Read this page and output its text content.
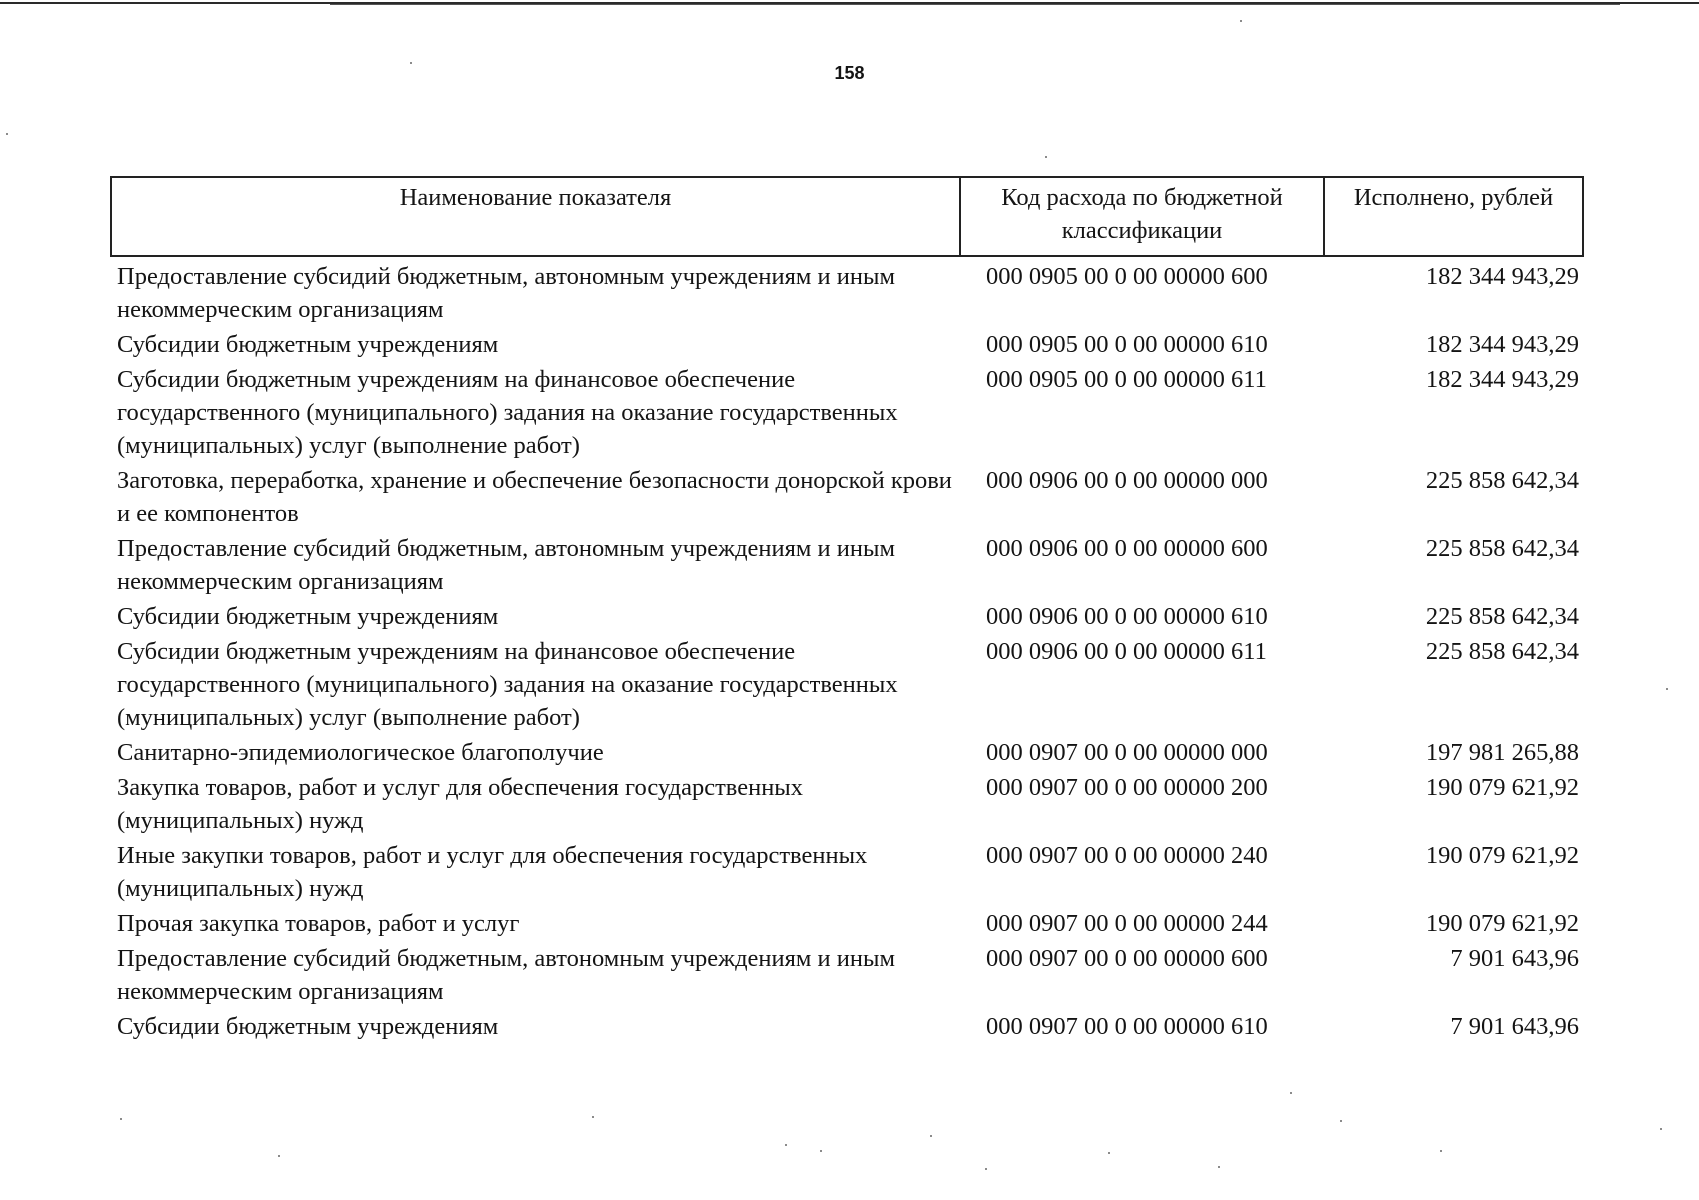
158
Наименование показателя	Код расхода по бюджетной классификации	Исполнено, рублей
Предоставление субсидий бюджетным, автономным учреждениям и иным некоммерческим организациям	000 0905 00 0 00 00000 600	182 344 943,29
Субсидии бюджетным учреждениям	000 0905 00 0 00 00000 610	182 344 943,29
Субсидии бюджетным учреждениям на финансовое обеспечение государственного (муниципального) задания на оказание государственных (муниципальных) услуг (выполнение работ)	000 0905 00 0 00 00000 611	182 344 943,29
Заготовка, переработка, хранение и обеспечение безопасности донорской крови и ее компонентов	000 0906 00 0 00 00000 000	225 858 642,34
Предоставление субсидий бюджетным, автономным учреждениям и иным некоммерческим организациям	000 0906 00 0 00 00000 600	225 858 642,34
Субсидии бюджетным учреждениям	000 0906 00 0 00 00000 610	225 858 642,34
Субсидии бюджетным учреждениям на финансовое обеспечение государственного (муниципального) задания на оказание государственных (муниципальных) услуг (выполнение работ)	000 0906 00 0 00 00000 611	225 858 642,34
Санитарно-эпидемиологическое благополучие	000 0907 00 0 00 00000 000	197 981 265,88
Закупка товаров, работ и услуг для обеспечения государственных (муниципальных) нужд	000 0907 00 0 00 00000 200	190 079 621,92
Иные закупки товаров, работ и услуг для обеспечения государственных (муниципальных) нужд	000 0907 00 0 00 00000 240	190 079 621,92
Прочая закупка товаров, работ и услуг	000 0907 00 0 00 00000 244	190 079 621,92
Предоставление субсидий бюджетным, автономным учреждениям и иным некоммерческим организациям	000 0907 00 0 00 00000 600	7 901 643,96
Субсидии бюджетным учреждениям	000 0907 00 0 00 00000 610	7 901 643,96
